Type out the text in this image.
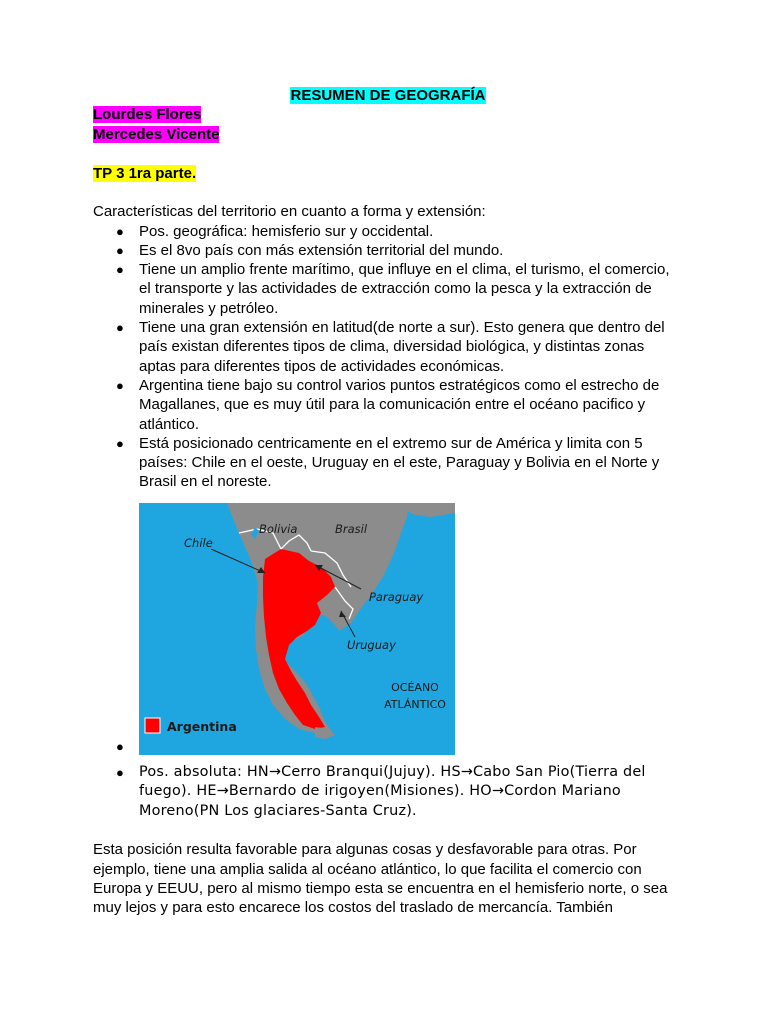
RESUMEN DE GEOGRAFÍA

Lourdes Flores
Mercedes Vicente
TP 3 1ra parte.
Características del territorio en cuanto a forma y extensión:
● Pos. geográfica: hemisferio sur y occidental.
● Es el 8vo país con más extensión territorial del mundo.
● Tiene un amplio frente marítimo, que influye en el clima, el turismo, el comercio, el transporte y las actividades de extracción como la pesca y la extracción de minerales y petróleo.
● Tiene una gran extensión en latitud(de norte a sur). Esto genera que dentro del país existan diferentes tipos de clima, diversidad biológica, y distintas zonas aptas para diferentes tipos de actividades económicas.
● Argentina tiene bajo su control varios puntos estratégicos como el estrecho de Magallanes, que es muy útil para la comunicación entre el océano pacifico y atlántico.
● Está posicionado centricamente en el extremo sur de América y limita con 5 países: Chile en el oeste, Uruguay en el este, Paraguay y Bolivia en el Norte y Brasil en el noreste.
●
Bolivia	Brasil
Chile
Paraguay
Uruguay
OCÉANO
ATLÁNTICO
Argentina
● Pos. absoluta: HN→Cerro Branqui(Jujuy). HS→Cabo San Pio(Tierra del fuego). HE→Bernardo de irigoyen(Misiones). HO→Cordon Mariano Moreno(PN Los glaciares-Santa Cruz).

Esta posición resulta favorable para algunas cosas y desfavorable para otras. Por ejemplo, tiene una amplia salida al océano atlántico, lo que facilita el comercio con Europa y EEUU, pero al mismo tiempo esta se encuentra en el hemisferio norte, o sea muy lejos y para esto encarece los costos del traslado de mercancía. También
